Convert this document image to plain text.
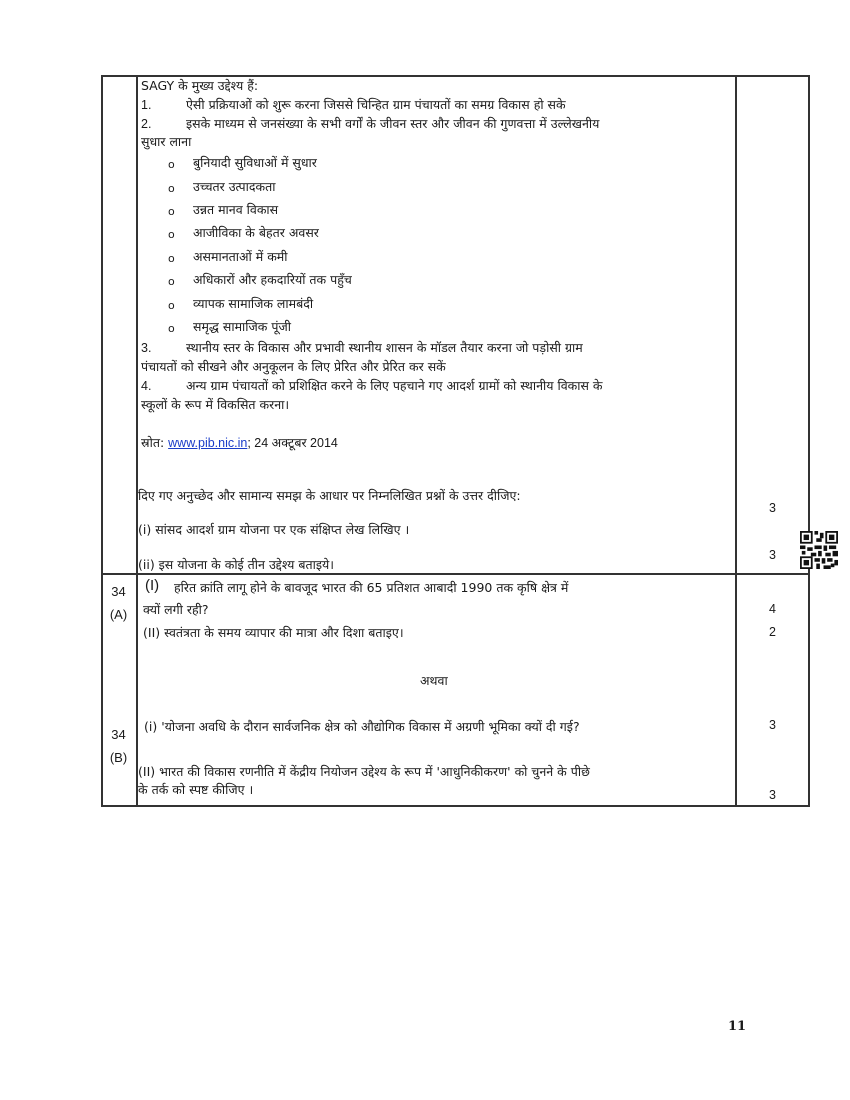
SAGY के मुख्य उद्देश्य हैं:
1.	ऐसी प्रक्रियाओं को शुरू करना जिससे चिन्हित ग्राम पंचायतों का समग्र विकास हो सके
2.	इसके माध्यम से जनसंख्या के सभी वर्गों के जीवन स्तर और जीवन की गुणवत्ता में उल्लेखनीय
सुधार लाना
o बुनियादी सुविधाओं में सुधार
o उच्चतर उत्पादकता
o उन्नत मानव विकास
o आजीविका के बेहतर अवसर
o असमानताओं में कमी
o अधिकारों और हकदारियों तक पहुँच
o व्यापक सामाजिक लामबंदी
o समृद्ध सामाजिक पूंजी
3.	स्थानीय स्तर के विकास और प्रभावी स्थानीय शासन के मॉडल तैयार करना जो पड़ोसी ग्राम
पंचायतों को सीखने और अनुकूलन के लिए प्रेरित और प्रेरित कर सकें
4.	अन्य ग्राम पंचायतों को प्रशिक्षित करने के लिए पहचाने गए आदर्श ग्रामों को स्थानीय विकास के
स्कूलों के रूप में विकसित करना।
स्रोत: www.pib.nic.in; 24 अक्टूबर 2014
दिए गए अनुच्छेद और सामान्य समझ के आधार पर निम्नलिखित प्रश्नों के उत्तर दीजिए:
(i) सांसद आदर्श ग्राम योजना पर एक संक्षिप्त लेख लिखिए ।
3
(ii) इस योजना के कोई तीन उद्देश्य बताइये।
3
34
(A)
(I) हरित क्रांति लागू होने के बावजूद भारत की 65 प्रतिशत आबादी 1990 तक कृषि क्षेत्र में
क्यों लगी रही?	4
(II) स्वतंत्रता के समय व्यापार की मात्रा और दिशा बताइए।	2
अथवा
34
(B)
(i) 'योजना अवधि के दौरान सार्वजनिक क्षेत्र को औद्योगिक विकास में अग्रणी भूमिका क्यों दी गई?	3
(II) भारत की विकास रणनीति में केंद्रीय नियोजन उद्देश्य के रूप में 'आधुनिकीकरण' को चुनने के पीछे
के तर्क को स्पष्ट कीजिए ।	3
11
